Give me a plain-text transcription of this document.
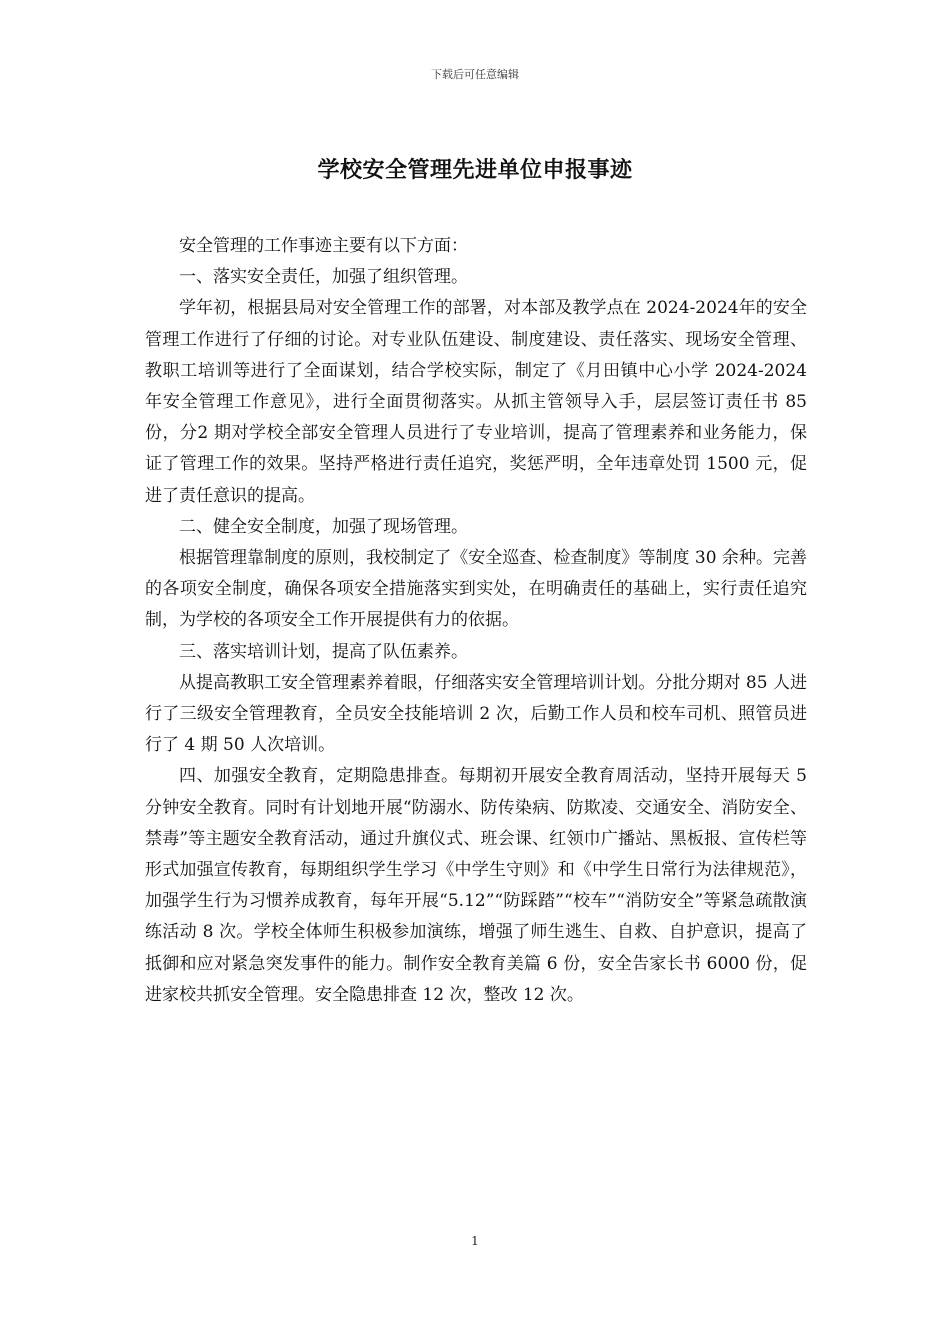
下载后可任意编辑
学校安全管理先进单位申报事迹

安全管理的工作事迹主要有以下方面：

一、落实安全责任，加强了组织管理。

学年初，根据县局对安全管理工作的部署，对本部及教学点在 2024-2024年的安全管理工作进行了仔细的讨论。对专业队伍建设、制度建设、责任落实、现场安全管理、教职工培训等进行了全面谋划，结合学校实际，制定了《月田镇中心小学 2024-2024 年安全管理工作意见》，进行全面贯彻落实。从抓主管领导入手，层层签订责任书 85 份，分2 期对学校全部安全管理人员进行了专业培训，提高了管理素养和业务能力，保证了管理工作的效果。坚持严格进行责任追究，奖惩严明，全年违章处罚 1500 元，促进了责任意识的提高。

二、健全安全制度，加强了现场管理。

根据管理靠制度的原则，我校制定了《安全巡查、检查制度》等制度 30 余种。完善的各项安全制度，确保各项安全措施落实到实处，在明确责任的基础上，实行责任追究制，为学校的各项安全工作开展提供有力的依据。

三、落实培训计划，提高了队伍素养。

从提高教职工安全管理素养着眼，仔细落实安全管理培训计划。分批分期对 85 人进行了三级安全管理教育，全员安全技能培训 2 次，后勤工作人员和校车司机、照管员进行了 4 期 50 人次培训。

四、加强安全教育，定期隐患排查。每期初开展安全教育周活动，坚持开展每天 5 分钟安全教育。同时有计划地开展“防溺水、防传染病、防欺凌、交通安全、消防安全、禁毒”等主题安全教育活动，通过升旗仪式、班会课、红领巾广播站、黑板报、宣传栏等形式加强宣传教育，每期组织学生学习《中学生守则》和《中学生日常行为法律规范》，加强学生行为习惯养成教育，每年开展“5.12”“防踩踏”“校车”“消防安全”等紧急疏散演练活动 8 次。学校全体师生积极参加演练，增强了师生逃生、自救、自护意识，提高了抵御和应对紧急突发事件的能力。制作安全教育美篇 6 份，安全告家长书 6000 份，促进家校共抓安全管理。安全隐患排查 12 次，整改 12 次。

1
